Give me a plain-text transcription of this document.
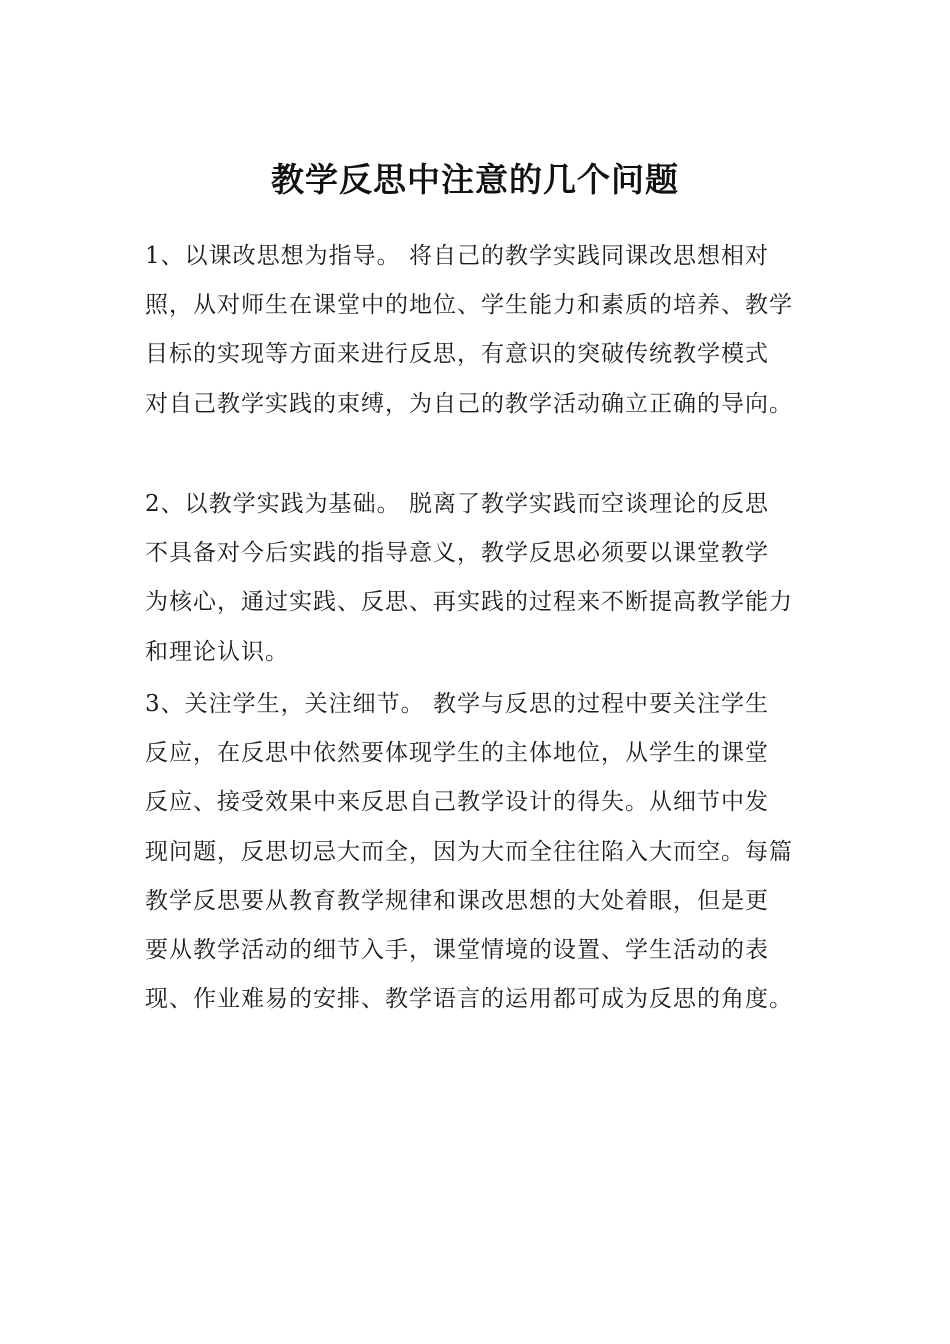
教学反思中注意的几个问题
1、以课改思想为指导。 将自己的教学实践同课改思想相对
照，从对师生在课堂中的地位、学生能力和素质的培养、教学
目标的实现等方面来进行反思，有意识的突破传统教学模式
对自己教学实践的束缚，为自己的教学活动确立正确的导向。
2、以教学实践为基础。 脱离了教学实践而空谈理论的反思
不具备对今后实践的指导意义，教学反思必须要以课堂教学
为核心，通过实践、反思、再实践的过程来不断提高教学能力
和理论认识。
3、关注学生，关注细节。 教学与反思的过程中要关注学生
反应，在反思中依然要体现学生的主体地位，从学生的课堂
反应、接受效果中来反思自己教学设计的得失。从细节中发
现问题，反思切忌大而全，因为大而全往往陷入大而空。每篇
教学反思要从教育教学规律和课改思想的大处着眼，但是更
要从教学活动的细节入手，课堂情境的设置、学生活动的表
现、作业难易的安排、教学语言的运用都可成为反思的角度。
